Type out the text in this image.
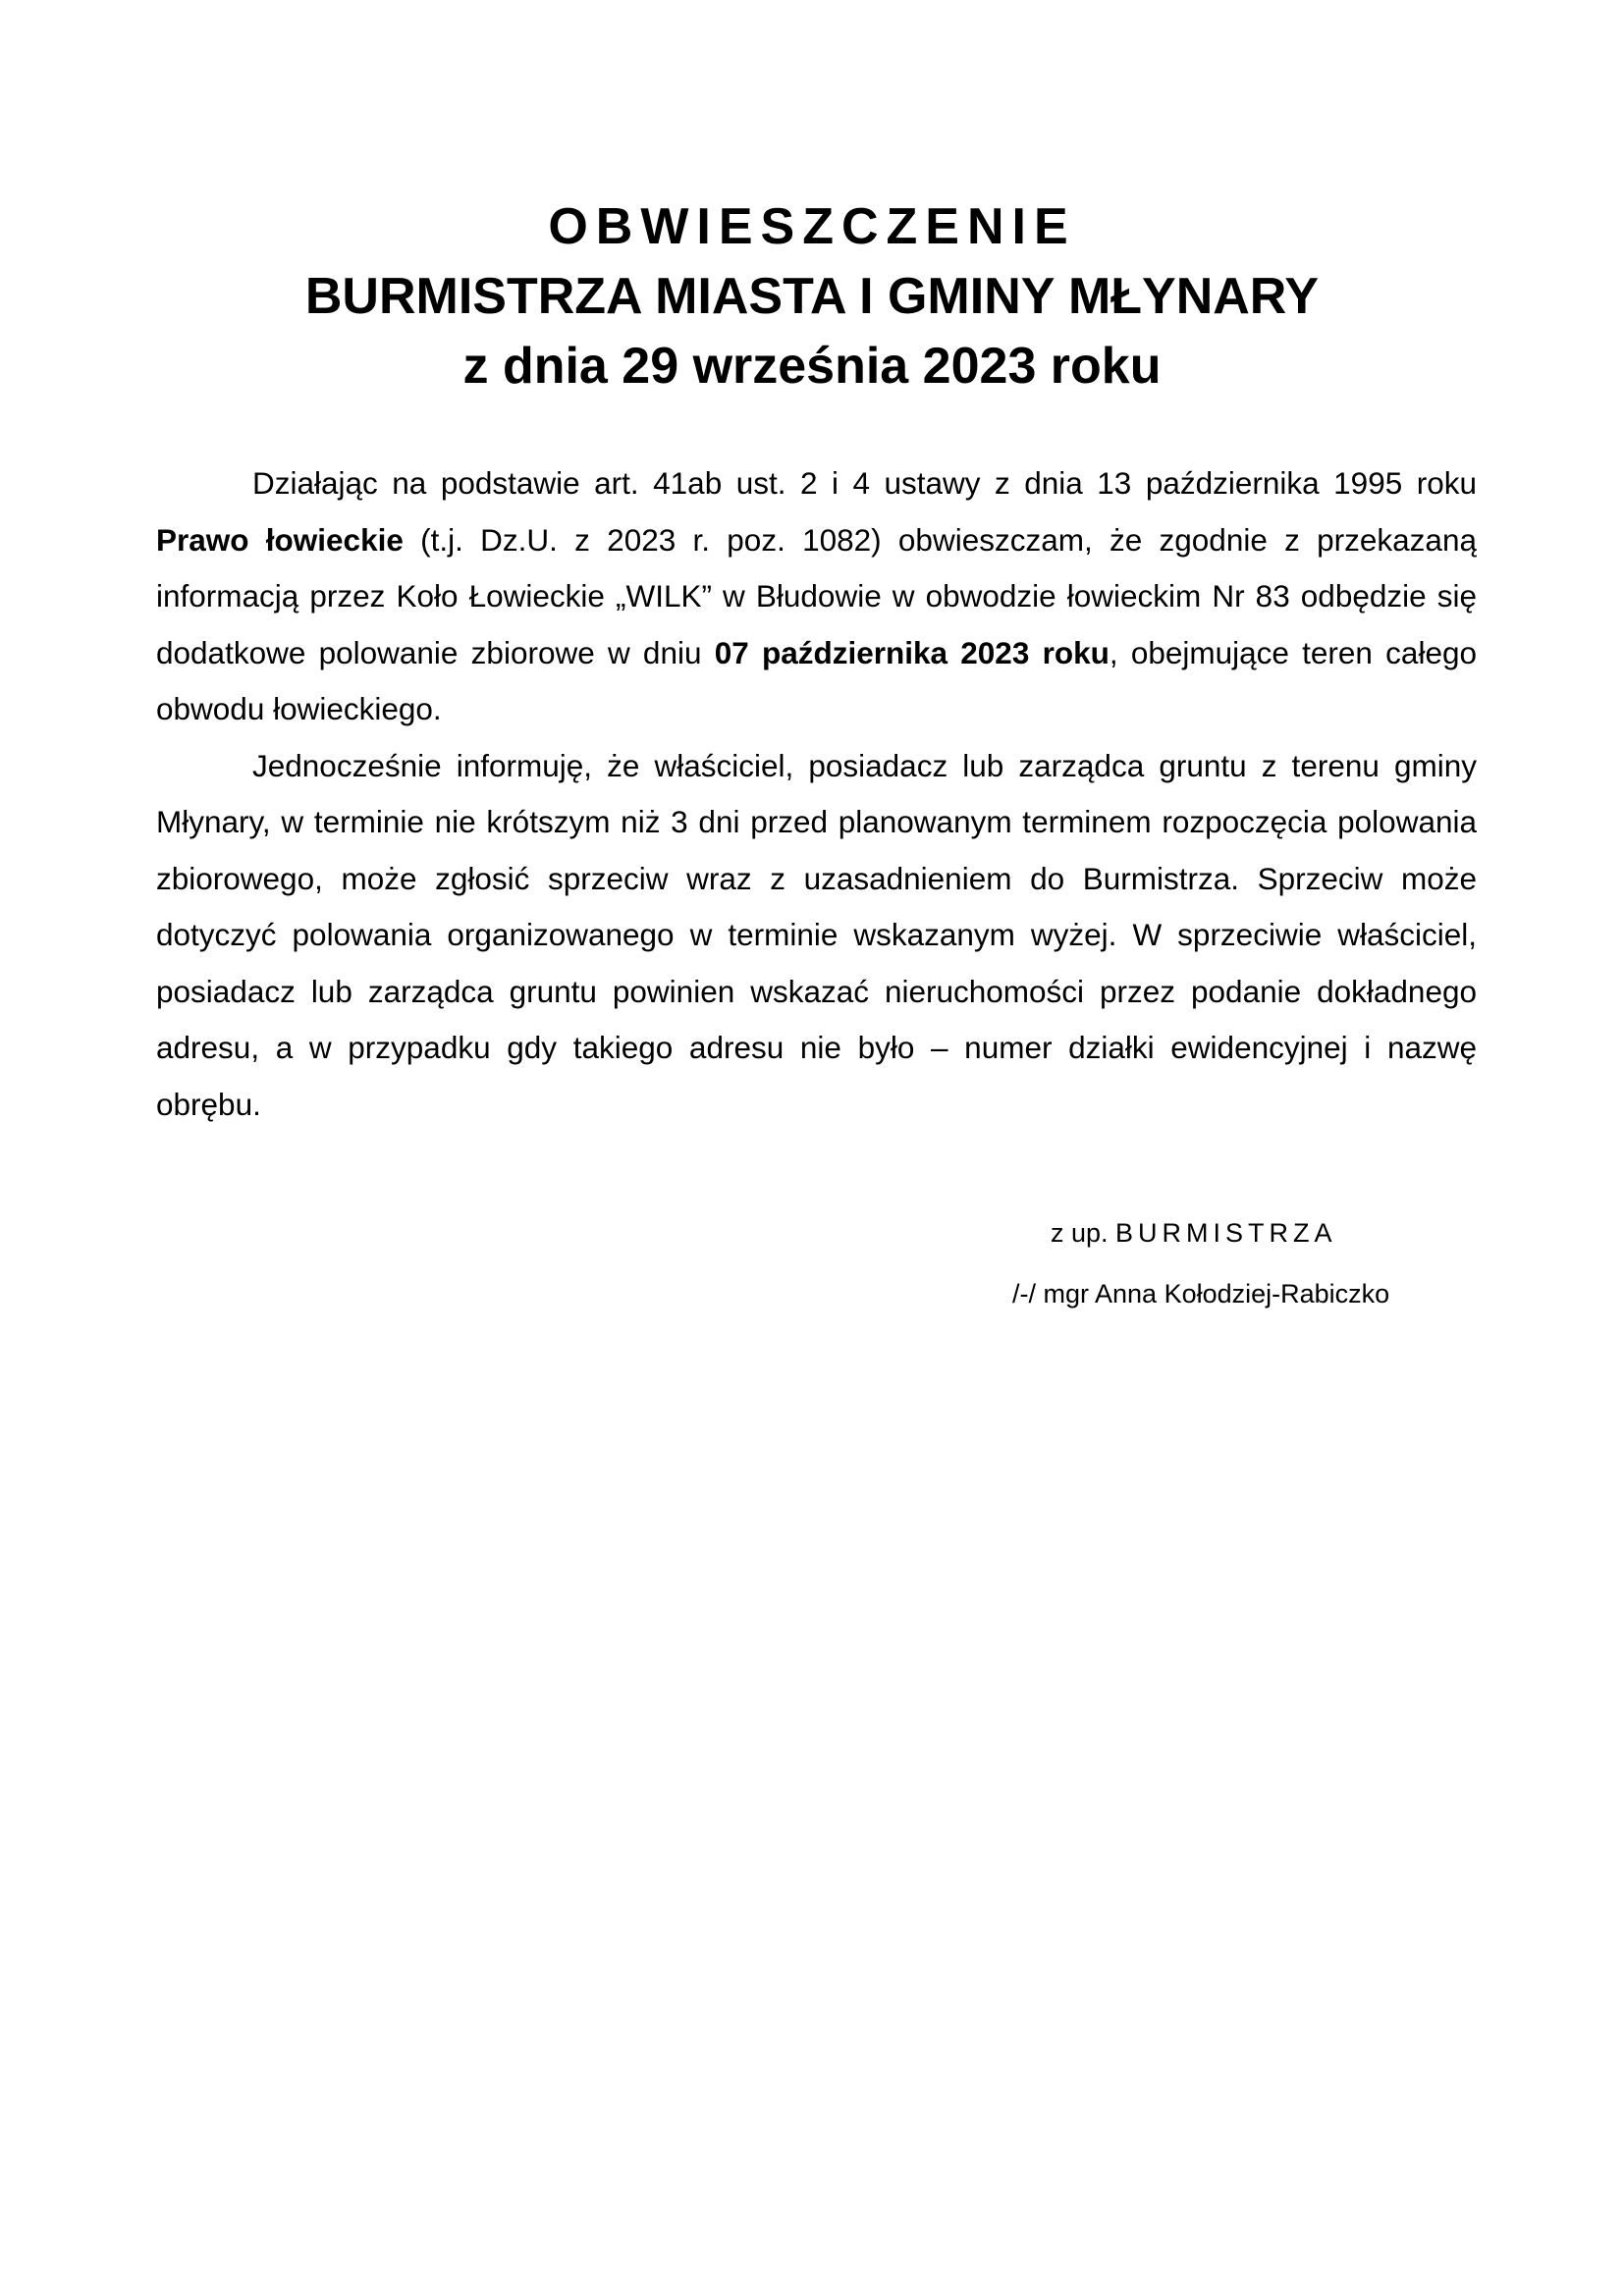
OBWIESZCZENIE
BURMISTRZA MIASTA I GMINY MŁYNARY
z dnia 29 września 2023 roku

Działając na podstawie art. 41ab ust. 2 i 4 ustawy z dnia 13 października 1995 roku Prawo łowieckie (t.j. Dz.U. z 2023 r. poz. 1082) obwieszczam, że zgodnie z przekazaną informacją przez Koło Łowieckie „WILK” w Błudowie w obwodzie łowieckim Nr 83 odbędzie się dodatkowe polowanie zbiorowe w dniu 07 października 2023 roku, obejmujące teren całego obwodu łowieckiego.

Jednocześnie informuję, że właściciel, posiadacz lub zarządca gruntu z terenu gminy Młynary, w terminie nie krótszym niż 3 dni przed planowanym terminem rozpoczęcia polowania zbiorowego, może zgłosić sprzeciw wraz z uzasadnieniem do Burmistrza. Sprzeciw może dotyczyć polowania organizowanego w terminie wskazanym wyżej. W sprzeciwie właściciel, posiadacz lub zarządca gruntu powinien wskazać nieruchomości przez podanie dokładnego adresu, a w przypadku gdy takiego adresu nie było – numer działki ewidencyjnej i nazwę obrębu.

z up. BURMISTRZA
/-/ mgr Anna Kołodziej-Rabiczko
